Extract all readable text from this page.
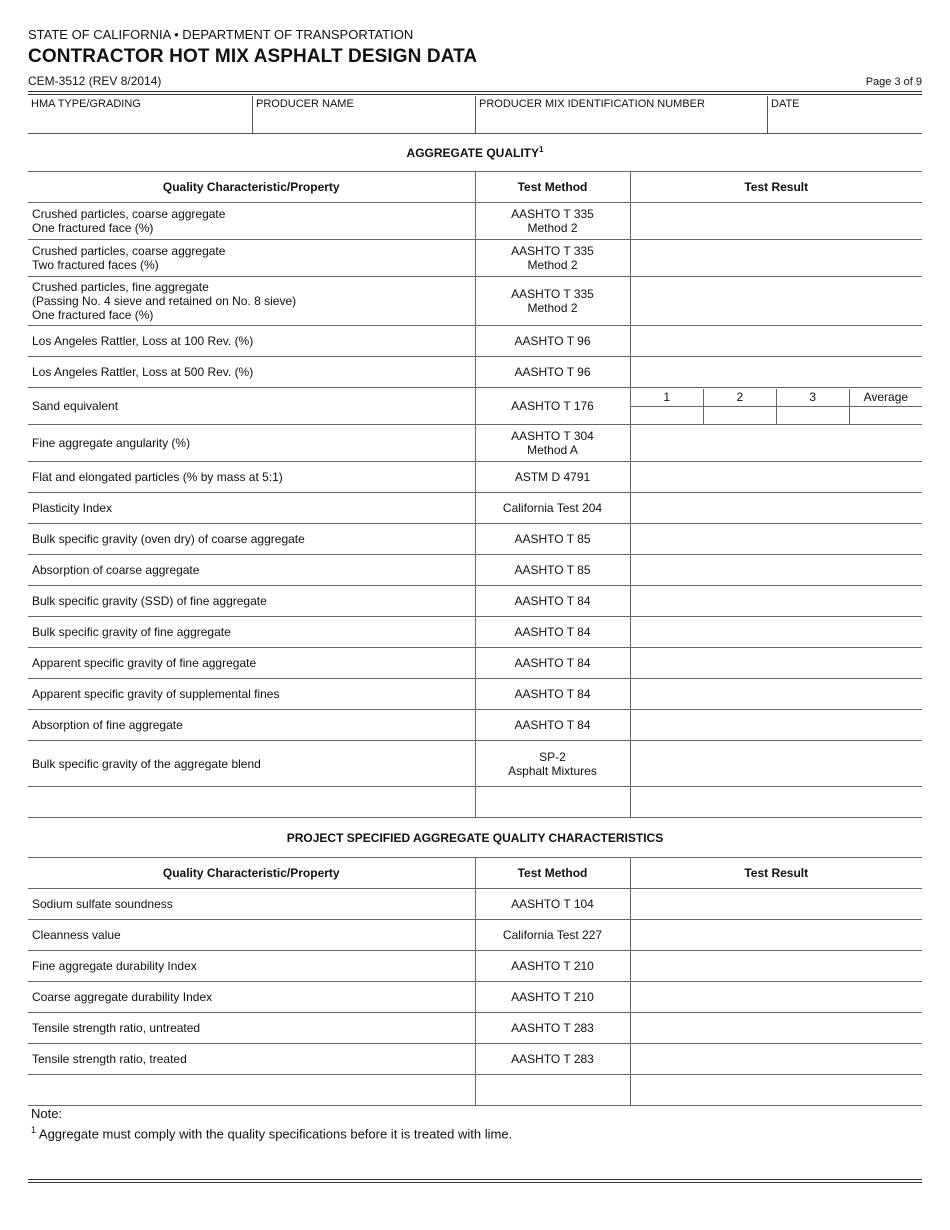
STATE OF CALIFORNIA • DEPARTMENT OF TRANSPORTATION
CONTRACTOR HOT MIX ASPHALT DESIGN DATA
CEM-3512 (REV 8/2014)	Page 3 of 9
HMA TYPE/GRADING	PRODUCER NAME	PRODUCER MIX IDENTIFICATION NUMBER	DATE
AGGREGATE QUALITY$^1$
Quality Characteristic/Property	Test Method	Test Result
Crushed particles, coarse aggregate
One fractured face (%)	AASHTO T 335
Method 2	
Crushed particles, coarse aggregate
Two fractured faces (%)	AASHTO T 335
Method 2	
Crushed particles, fine aggregate
(Passing No. 4 sieve and retained on No. 8 sieve)
One fractured face (%)	AASHTO T 335
Method 2	
Los Angeles Rattler, Loss at 100 Rev. (%)	AASHTO T 96	
Los Angeles Rattler, Loss at 500 Rev. (%)	AASHTO T 96	
Sand equivalent	AASHTO T 176	
1	2	3	Average

Fine aggregate angularity (%)	AASHTO T 304
Method A	
Flat and elongated particles (% by mass at 5:1)	ASTM D 4791	
Plasticity Index	California Test 204	
Bulk specific gravity (oven dry) of coarse aggregate	AASHTO T 85	
Absorption of coarse aggregate	AASHTO T 85	
Bulk specific gravity (SSD) of fine aggregate	AASHTO T 84	
Bulk specific gravity of fine aggregate	AASHTO T 84	
Apparent specific gravity of fine aggregate	AASHTO T 84	
Apparent specific gravity of supplemental fines	AASHTO T 84	
Absorption of fine aggregate	AASHTO T 84	
Bulk specific gravity of the aggregate blend	SP-2
Asphalt Mixtures	

PROJECT SPECIFIED AGGREGATE QUALITY CHARACTERISTICS
Quality Characteristic/Property	Test Method	Test Result
Sodium sulfate soundness	AASHTO T 104	
Cleanness value	California Test 227	
Fine aggregate durability Index	AASHTO T 210	
Coarse aggregate durability Index	AASHTO T 210	
Tensile strength ratio, untreated	AASHTO T 283	
Tensile strength ratio, treated	AASHTO T 283	

Note:
$^1$ Aggregate must comply with the quality specifications before it is treated with lime.
